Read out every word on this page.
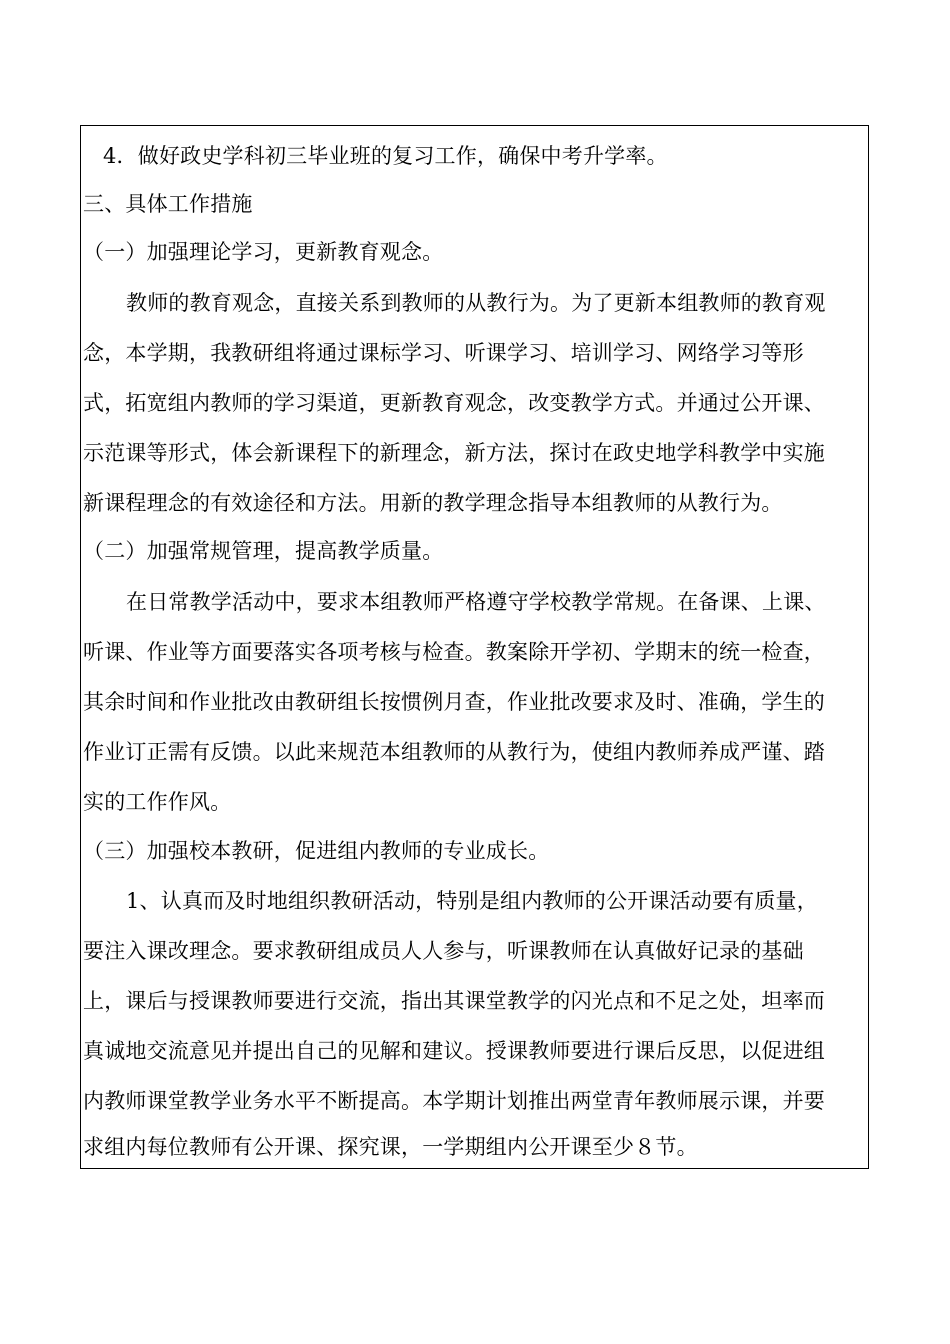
4．做好政史学科初三毕业班的复习工作，确保中考升学率。
三、具体工作措施
（一）加强理论学习，更新教育观念。
教师的教育观念，直接关系到教师的从教行为。为了更新本组教师的教育观
念，本学期，我教研组将通过课标学习、听课学习、培训学习、网络学习等形
式，拓宽组内教师的学习渠道，更新教育观念，改变教学方式。并通过公开课、
示范课等形式，体会新课程下的新理念，新方法，探讨在政史地学科教学中实施
新课程理念的有效途径和方法。用新的教学理念指导本组教师的从教行为。
（二）加强常规管理，提高教学质量。
在日常教学活动中，要求本组教师严格遵守学校教学常规。在备课、上课、
听课、作业等方面要落实各项考核与检查。教案除开学初、学期末的统一检查，
其余时间和作业批改由教研组长按惯例月查，作业批改要求及时、准确，学生的
作业订正需有反馈。以此来规范本组教师的从教行为，使组内教师养成严谨、踏
实的工作作风。
（三）加强校本教研，促进组内教师的专业成长。
1、认真而及时地组织教研活动，特别是组内教师的公开课活动要有质量，
要注入课改理念。要求教研组成员人人参与，听课教师在认真做好记录的基础
上，课后与授课教师要进行交流，指出其课堂教学的闪光点和不足之处，坦率而
真诚地交流意见并提出自己的见解和建议。授课教师要进行课后反思，以促进组
内教师课堂教学业务水平不断提高。本学期计划推出两堂青年教师展示课，并要
求组内每位教师有公开课、探究课，一学期组内公开课至少８节。
